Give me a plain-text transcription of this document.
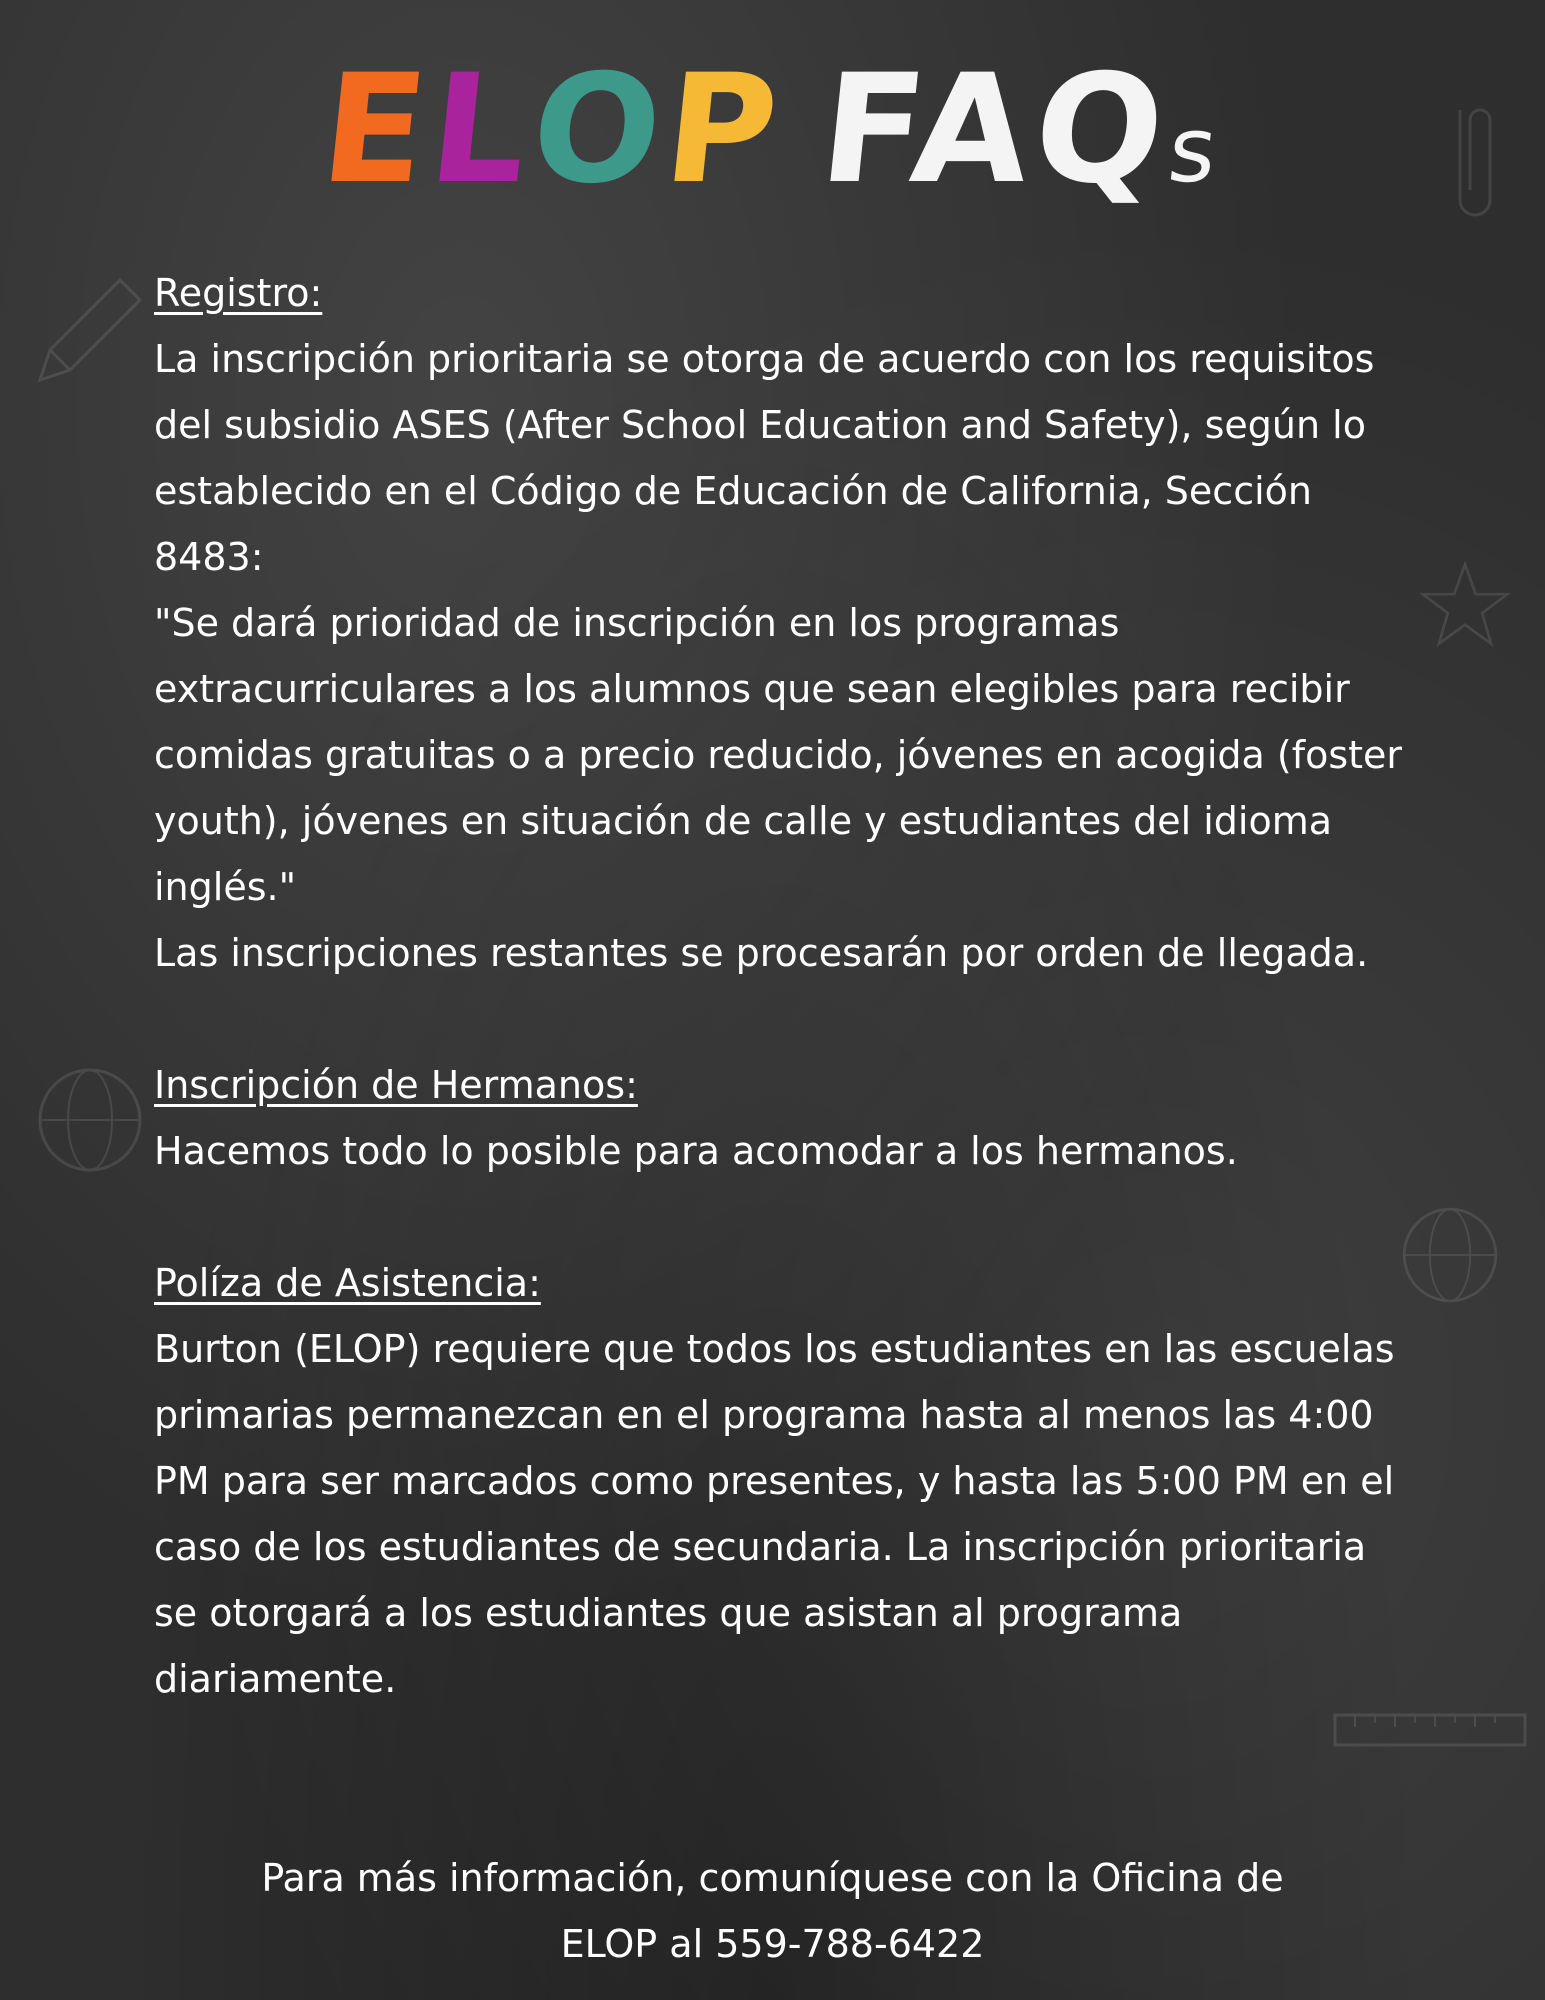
ELOP FAQs
Registro:
La inscripción prioritaria se otorga de acuerdo con los requisitos del subsidio ASES (After School Education and Safety), según lo establecido en el Código de Educación de California, Sección 8483:
"Se dará prioridad de inscripción en los programas extracurriculares a los alumnos que sean elegibles para recibir comidas gratuitas o a precio reducido, jóvenes en acogida (foster youth), jóvenes en situación de calle y estudiantes del idioma inglés."
Las inscripciones restantes se procesarán por orden de llegada.
Inscripción de Hermanos:
Hacemos todo lo posible para acomodar a los hermanos.
Políza de Asistencia:
Burton (ELOP) requiere que todos los estudiantes en las escuelas primarias permanezcan en el programa hasta al menos las 4:00 PM para ser marcados como presentes, y hasta las 5:00 PM en el caso de los estudiantes de secundaria. La inscripción prioritaria se otorgará a los estudiantes que asistan al programa diariamente.
Para más información, comuníquese con la Oficina de
ELOP al 559-788-6422
